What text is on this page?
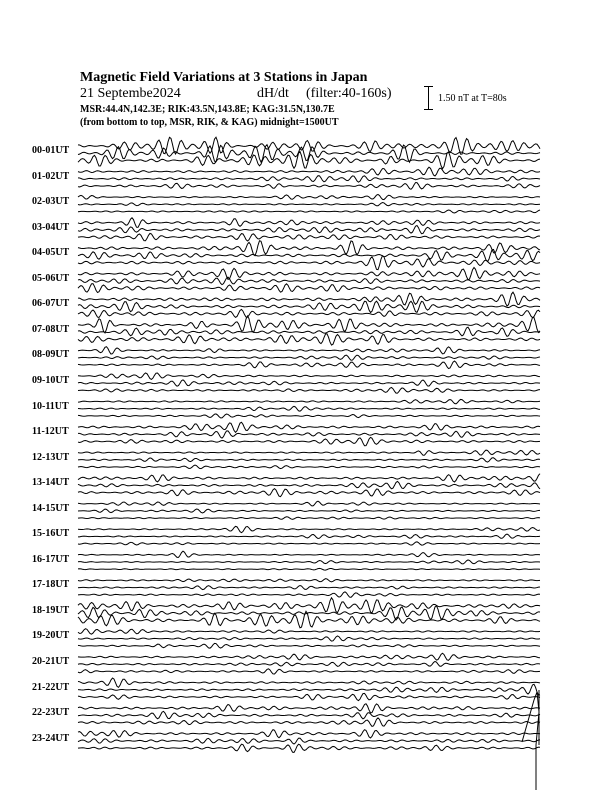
Magnetic Field Variations at 3 Stations in Japan
21 Septembe2024	dH/dt (filter:40-160s)
MSR:44.4N,142.3E; RIK:43.5N,143.8E; KAG:31.5N,130.7E
(from bottom to top, MSR, RIK, & KAG) midnight=1500UT
1.50 nT at T=80s
00-01UT
01-02UT
02-03UT
03-04UT
04-05UT
05-06UT
06-07UT
07-08UT
08-09UT
09-10UT
10-11UT
11-12UT
12-13UT
13-14UT
14-15UT
15-16UT
16-17UT
17-18UT
18-19UT
19-20UT
20-21UT
21-22UT
22-23UT
23-24UT
